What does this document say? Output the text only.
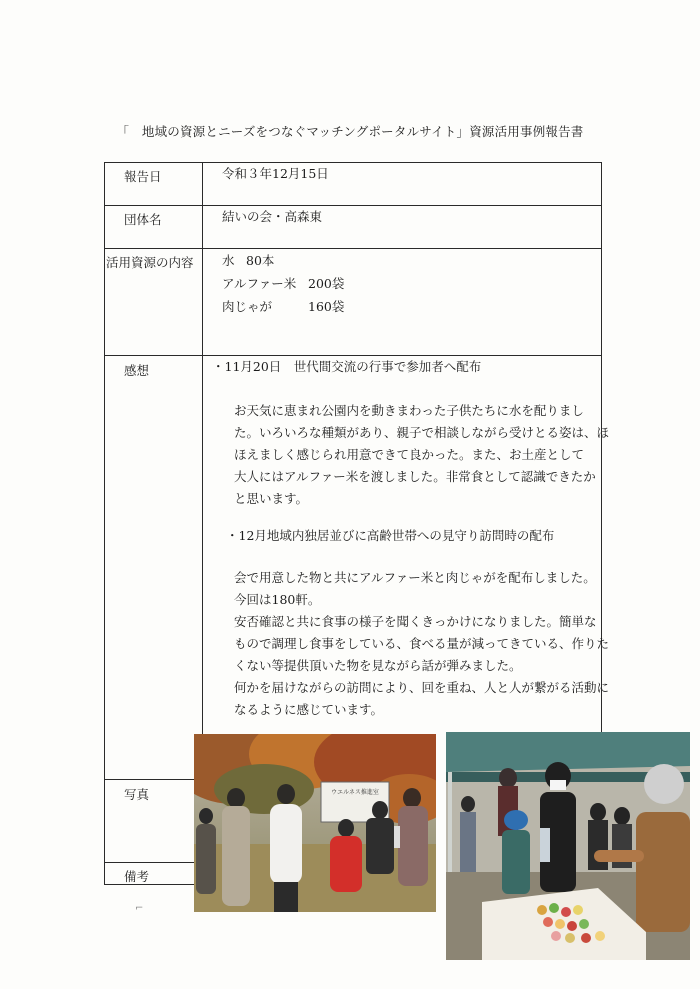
「　地域の資源とニーズをつなぐマッチングポータルサイト」資源活用事例報告書
報告日	令和３年12月15日
団体名	結いの会・高森東
活用資源の内容	水 80本
アルファー米 200袋
肉じゃが	160袋
感想	・11月20日　世代間交流の行事で参加者へ配布
お天気に恵まれ公園内を動きまわった子供たちに水を配りまし
た。いろいろな種類があり、親子で相談しながら受けとる姿は、ほ
ほえましく感じられ用意できて良かった。また、お土産として
大人にはアルファー米を渡しました。非常食として認識できたか
と思います。
・12月地域内独居並びに高齢世帯への見守り訪問時の配布
会で用意した物と共にアルファー米と肉じゃがを配布しました。
今回は180軒。
安否確認と共に食事の様子を聞くきっかけになりました。簡単な
もので調理し食事をしている、食べる量が減ってきている、作りた
くない等提供頂いた物を見ながら話が弾みました。
何かを届けながらの訪問により、回を重ね、人と人が繋がる活動に
なるように感じています。
写真
備考
ウエルネス推進室
⌐
